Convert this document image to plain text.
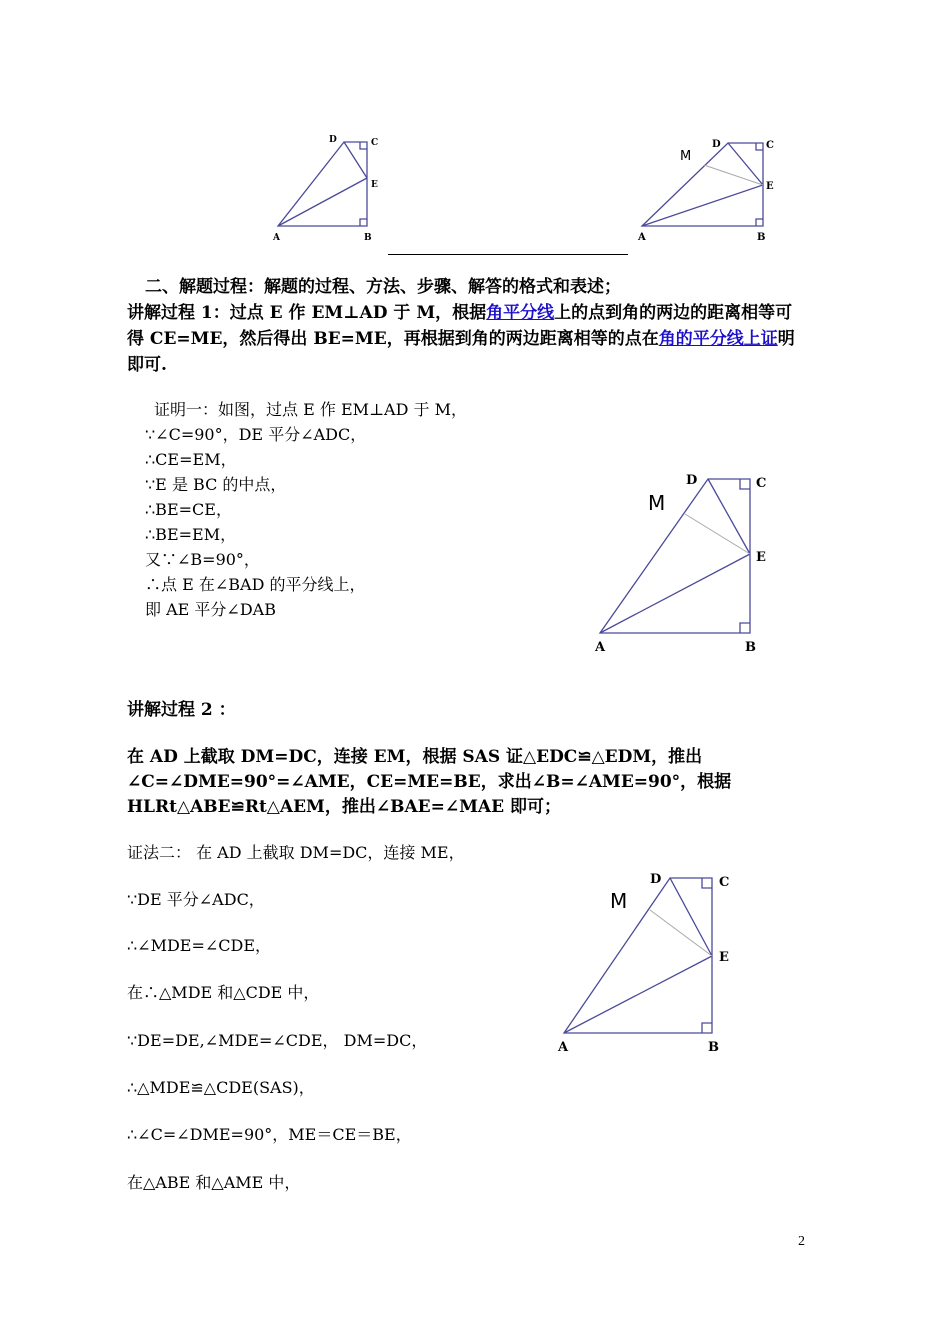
D	C
E
A	B
M
D	C
E
A	B
二、解题过程：解题的过程、方法、步骤、解答的格式和表述；
讲解过程 1：过点 E 作 EM⊥AD 于 M，根据角平分线上的点到角的两边的距离相等可
得 CE=ME，然后得出 BE=ME，再根据到角的两边距离相等的点在角的平分线上证明
即可.
证明一：如图，过点 E 作 EM⊥AD 于 M，
∵∠C=90°，DE 平分∠ADC，
∴CE=EM，
∵E 是 BC 的中点，
∴BE=CE，
∴BE=EM，
又∵∠B=90°，
∴点 E 在∠BAD 的平分线上，
即 AE 平分∠DAB
M
D	C
E
A	B
讲解过程 2 ：
在 AD 上截取 DM=DC，连接 EM，根据 SAS 证△EDC≌△EDM，推出
∠C=∠DME=90°=∠AME，CE=ME=BE，求出∠B=∠AME=90°，根据
HLRt△ABE≌Rt△AEM，推出∠BAE=∠MAE 即可；
证法二： 在 AD 上截取 DM=DC，连接 ME，
∵DE 平分∠ADC，
∴∠MDE=∠CDE，
在∴△MDE 和△CDE 中，
∵DE=DE,∠MDE=∠CDE， DM=DC，
∴△MDE≌△CDE(SAS)，
∴∠C=∠DME=90°，ME＝CE＝BE，
在△ABE 和△AME 中，
M
D	C
E
A	B
2
